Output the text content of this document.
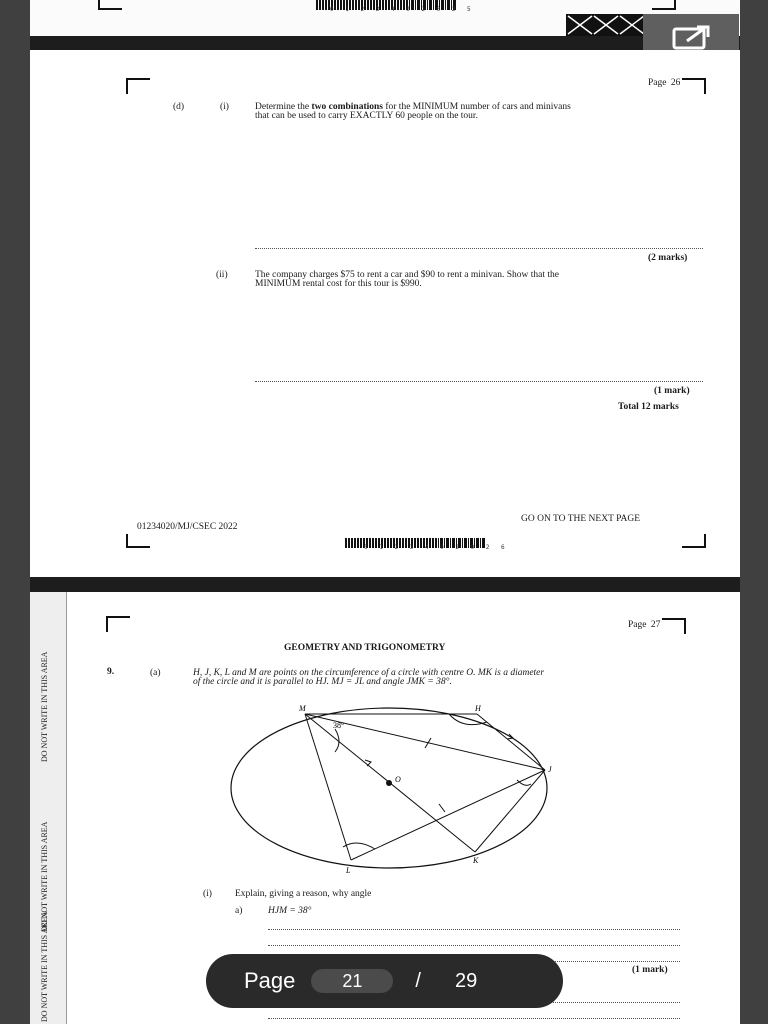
0 1 2 3 4 0 2 0 2 5
Page 26
(d)	(i)	Determine the two combinations for the MINIMUM number of cars and minivans
that can be used to carry EXACTLY 60 people on the tour.
(2 marks)
(ii)	The company charges $75 to rent a car and $90 to rent a minivan. Show that the
MINIMUM rental cost for this tour is $990.
(1 mark)
Total 12 marks
GO ON TO THE NEXT PAGE
01234020/MJ/CSEC 2022
0 1 2 3 4 0 2 0 2 6
Page 27
GEOMETRY AND TRIGONOMETRY
9.	(a)	H, J, K, L and M are points on the circumference of a circle with centre O. MK is a diameter
of the circle and it is parallel to HJ. MJ = JL and angle JMK = 38°.
M	H
J
K
L
O
38°
(i) Explain, giving a reason, why angle
a)	HJM = 38°
(1 mark)
DO NOT WRITE IN THIS AREA
DO NOT WRITE IN THIS AREA
DO NOT WRITE IN THIS AREA	Page	21	/ 29
